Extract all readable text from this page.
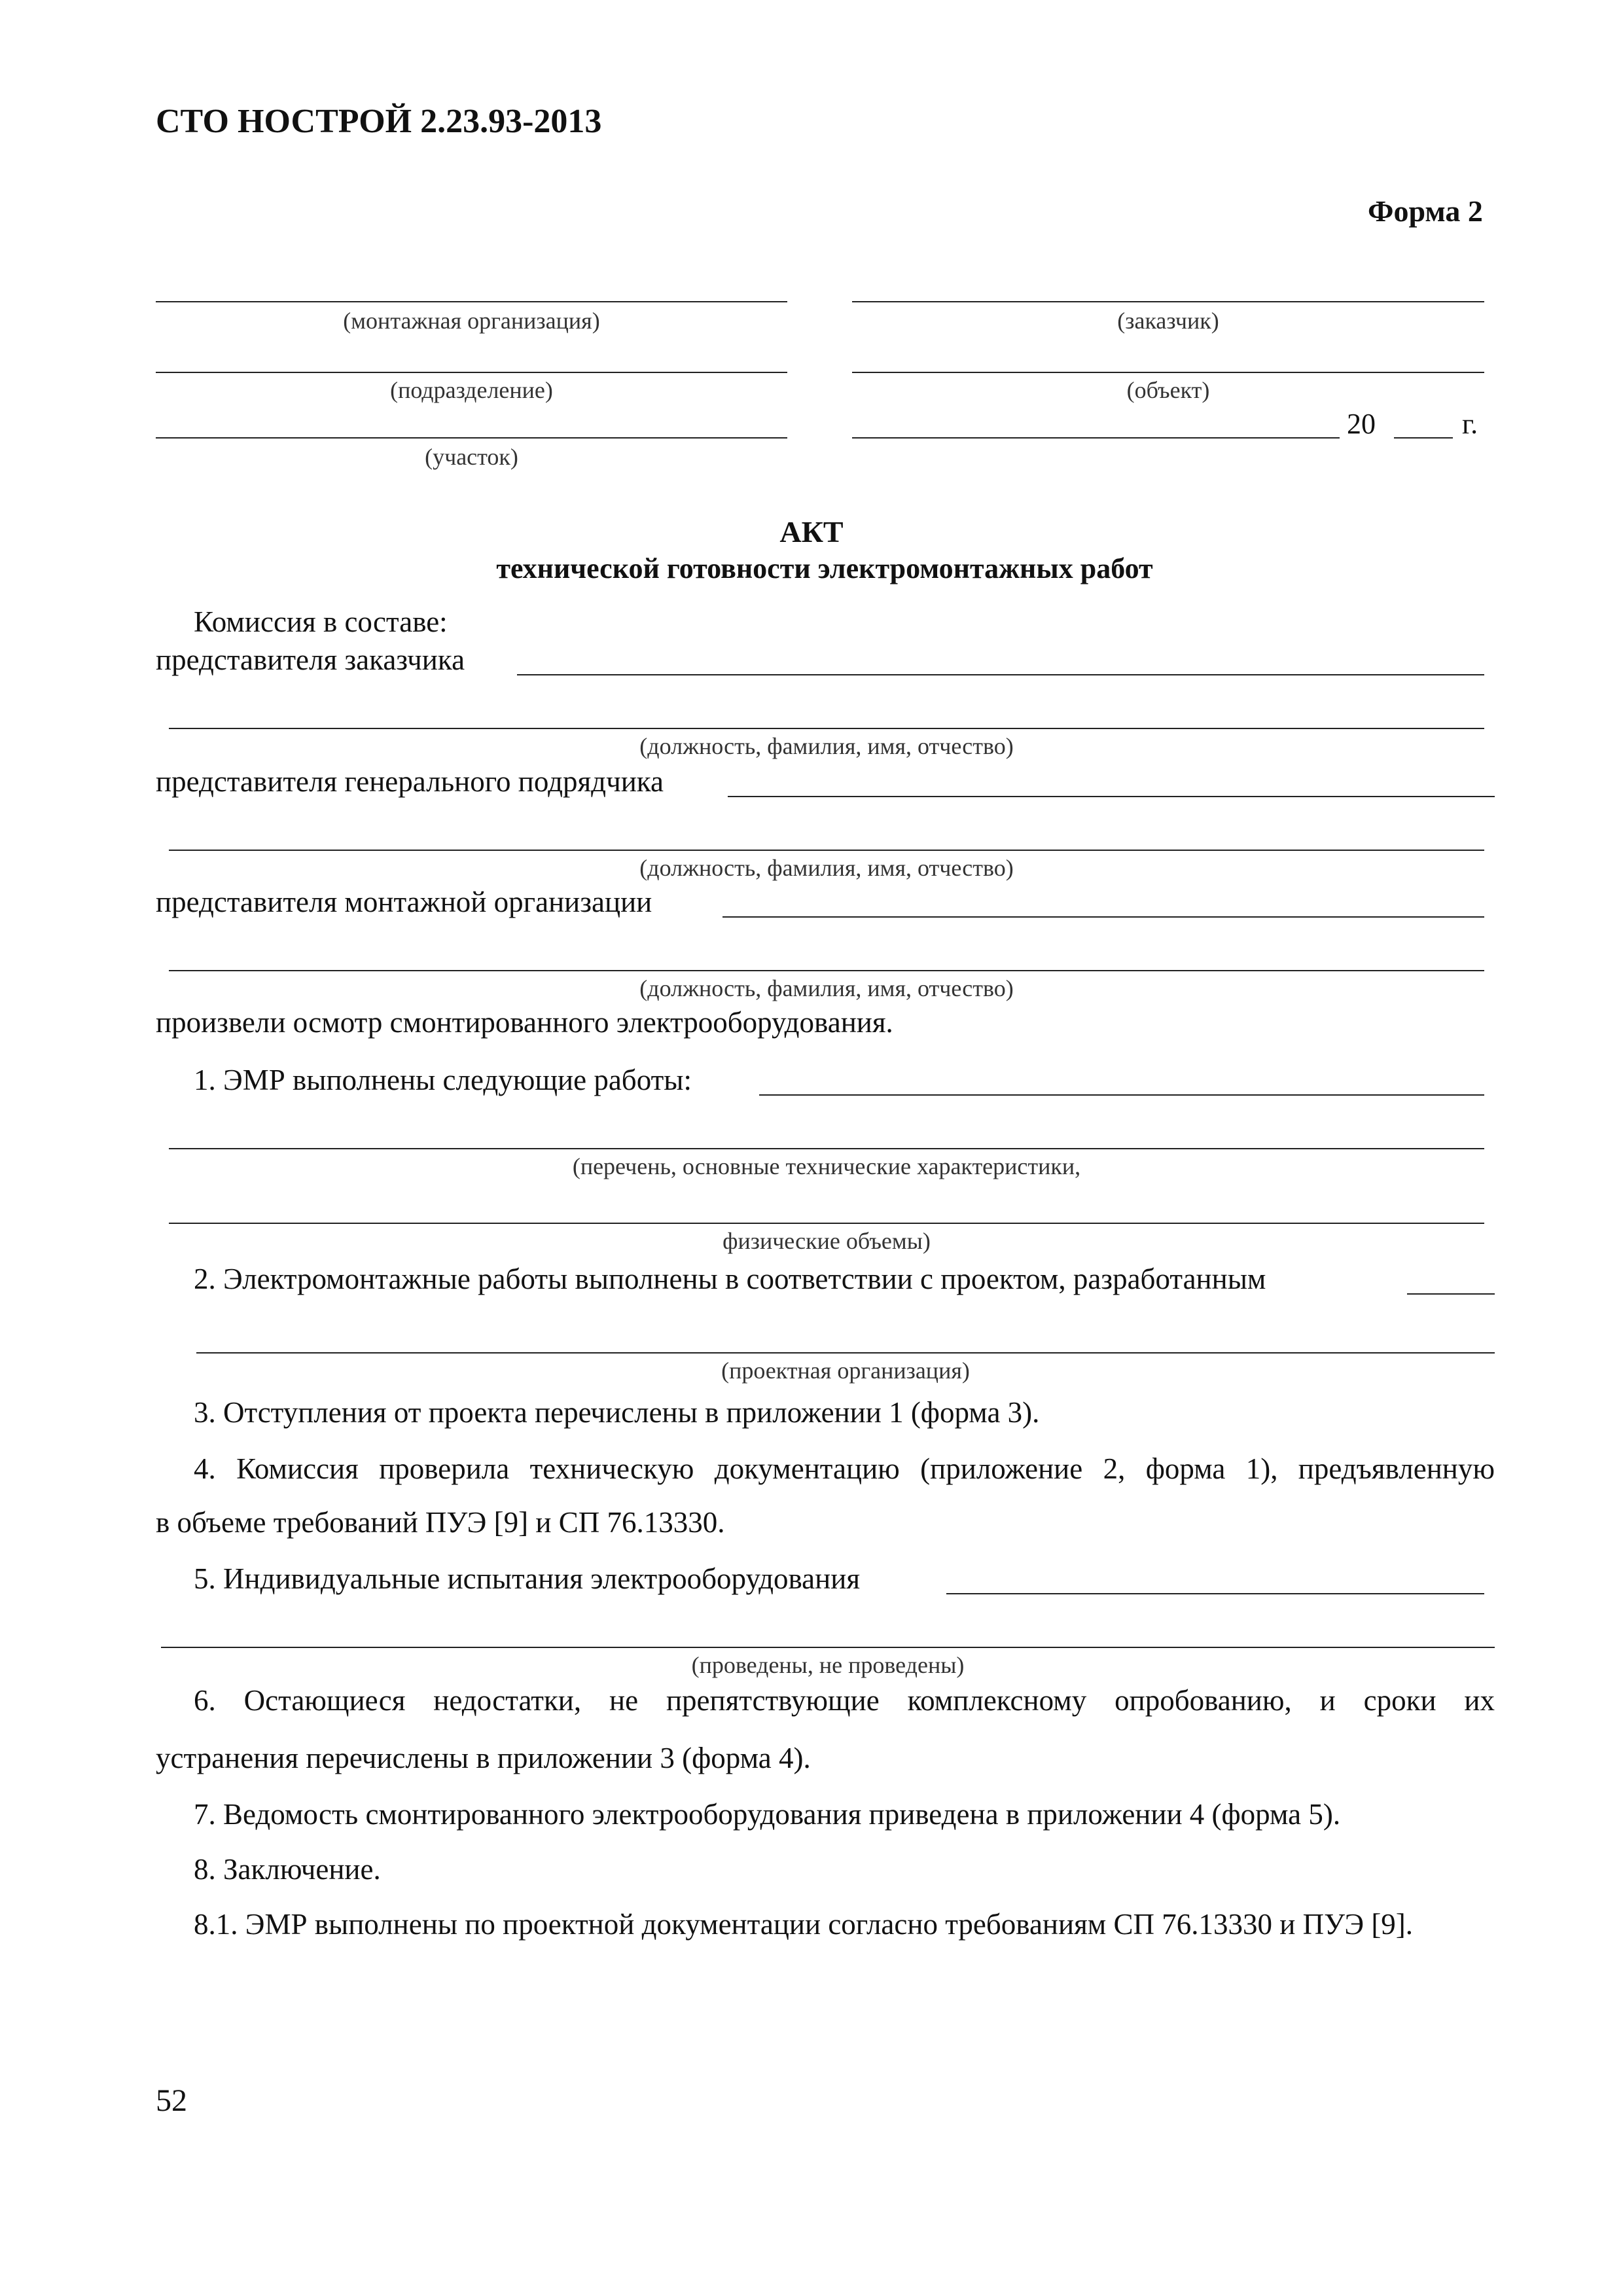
СТО НОСТРОЙ 2.23.93-2013
Форма 2
(монтажная организация)	(заказчик)
(подразделение)	(объект)
20	г.
(участок)
АКТ
технической готовности электромонтажных работ
Комиссия в составе:
представителя заказчика
(должность, фамилия, имя, отчество)
представителя генерального подрядчика
(должность, фамилия, имя, отчество)
представителя монтажной организации
(должность, фамилия, имя, отчество)
произвели осмотр смонтированного электрооборудования.
1. ЭМР выполнены следующие работы:
(перечень, основные технические характеристики,
физические объемы)
2. Электромонтажные работы выполнены в соответствии с проектом, разработанным
(проектная организация)
3. Отступления от проекта перечислены в приложении 1 (форма 3).
4. Комиссия проверила техническую документацию (приложение 2, форма 1), предъявленную
в объеме требований ПУЭ [9] и СП 76.13330.
5. Индивидуальные испытания электрооборудования
(проведены, не проведены)
6. Остающиеся недостатки, не препятствующие комплексному опробованию, и сроки их
устранения перечислены в приложении 3 (форма 4).
7. Ведомость смонтированного электрооборудования приведена в приложении 4 (форма 5).
8. Заключение.
8.1. ЭМР выполнены по проектной документации согласно требованиям СП 76.13330 и ПУЭ [9].
52
